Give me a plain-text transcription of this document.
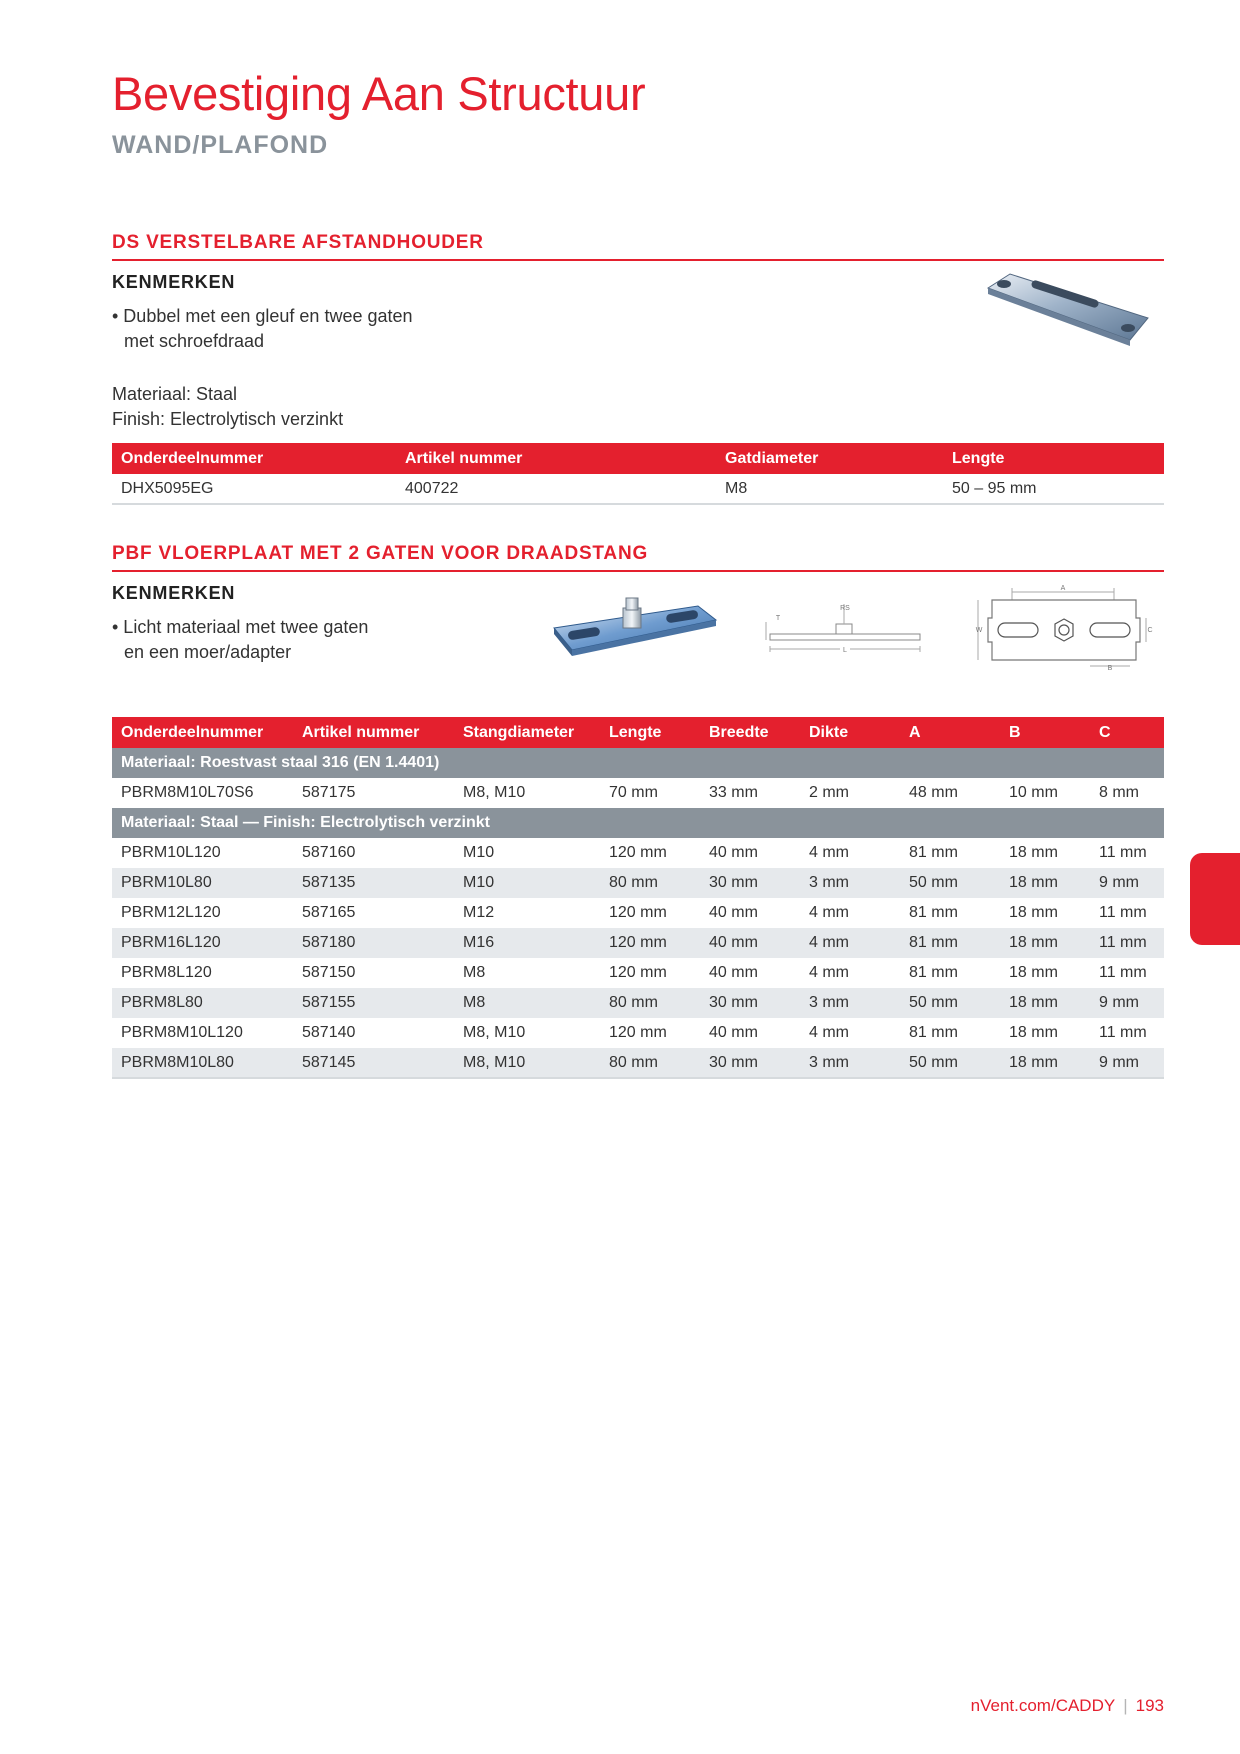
Bevestiging Aan Structuur
WAND/PLAFOND
DS VERSTELBARE AFSTANDHOUDER
KENMERKEN
• Dubbel met een gleuf en twee gaten
met schroefdraad
Materiaal: Staal
Finish: Electrolytisch verzinkt
Onderdeelnummer	Artikel nummer	Gatdiameter	Lengte
DHX5095EG	400722	M8	50 – 95 mm
PBF VLOERPLAAT MET 2 GATEN VOOR DRAADSTANG
KENMERKEN
• Licht materiaal met twee gaten
en een moer/adapter
RS
T
L
A
W	C
B
Onderdeelnummer	Artikel nummer	Stangdiameter	Lengte	Breedte	Dikte	A	B	C
Materiaal: Roestvast staal 316 (EN 1.4401)								
PBRM8M10L70S6	587175	M8, M10	70 mm	33 mm	2 mm	48 mm	10 mm	8 mm
Materiaal: Staal — Finish: Electrolytisch verzinkt								
PBRM10L120	587160	M10	120 mm	40 mm	4 mm	81 mm	18 mm	11 mm
PBRM10L80	587135	M10	80 mm	30 mm	3 mm	50 mm	18 mm	9 mm
PBRM12L120	587165	M12	120 mm	40 mm	4 mm	81 mm	18 mm	11 mm
PBRM16L120	587180	M16	120 mm	40 mm	4 mm	81 mm	18 mm	11 mm
PBRM8L120	587150	M8	120 mm	40 mm	4 mm	81 mm	18 mm	11 mm
PBRM8L80	587155	M8	80 mm	30 mm	3 mm	50 mm	18 mm	9 mm
PBRM8M10L120	587140	M8, M10	120 mm	40 mm	4 mm	81 mm	18 mm	11 mm
PBRM8M10L80	587145	M8, M10	80 mm	30 mm	3 mm	50 mm	18 mm	9 mm
nVent.com/CADDY | 193
